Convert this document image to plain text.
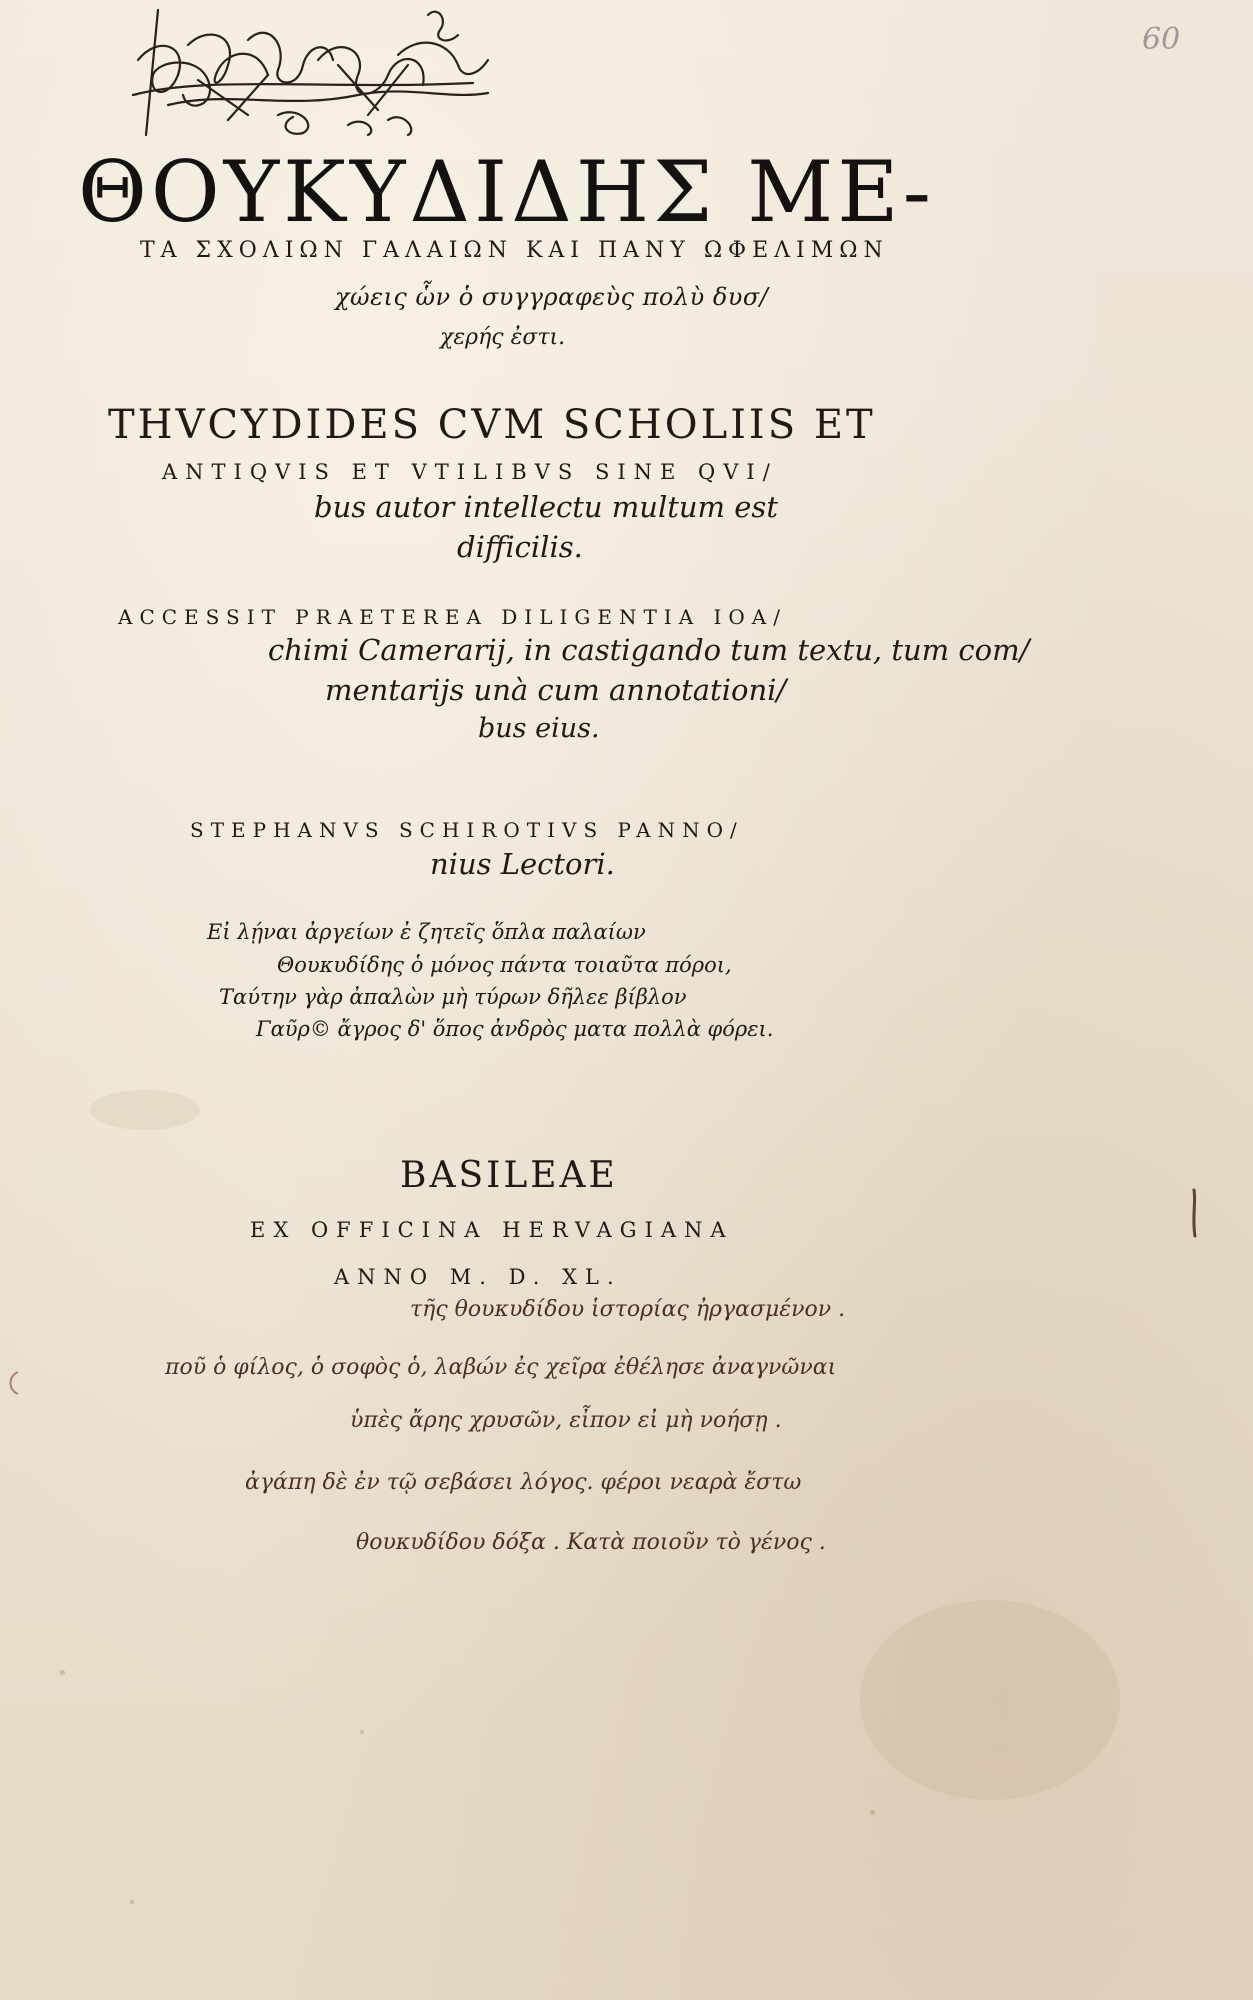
60
ΘΟΥΚΥΔΙΔΗΣ ΜΕ-
ΤΑ ΣΧΟΛΙΩΝ ΓΑΛΑΙΩΝ ΚΑΙ ΠΑΝΥ ΩΦΕΛΙΜΩΝ
χώεις ὧν ὁ συγγραφεὺς πολὺ δυσ/
χερής ἐστι.
THVCYDIDES CVM SCHOLIIS ET
ANTIQVIS ET VTILIBVS SINE QVI/
bus autor intellectu multum est
difficilis.
ACCESSIT PRAETEREA DILIGENTIA IOA/
chimi Camerarij, in castigando tum textu, tum com/
mentarijs unà cum annotationi/
bus eius.
STEPHANVS SCHIROTIVS PANNO/
nius Lectori.
Εἰ λῄναι ἀργείων ἐ ζητεῖς ὅπλα παλαίων
Θουκυδίδης ὁ μόνος πάντα τοιαῦτα πόροι,
Ταύτην γὰρ ἀπαλὼν μὴ τύρων δῆλεε βίβλον
Γαῦρ© ἄγρος δ' ὅπος ἀνδρὸς ματα πολλὰ φόρει.
BASILEAE
EX OFFICINA HERVAGIANA
ANNO M. D. XL.
τῆς θουκυδίδου ἱστορίας ἠργασμένον .
ποῦ ὁ φίλος, ὁ σοφὸς ὁ, λαβών ἐς χεῖρα ἐθέλησε ἀναγνῶναι
ὑπὲς ἄρης χρυσῶν, εἶπον εἰ μὴ νοήσῃ .
ἀγάπη δὲ ἐν τῷ σεβάσει λόγος. φέροι νεαρὰ ἔστω
θουκυδίδου δόξα . Κατὰ ποιοῦν τὸ γένος .
